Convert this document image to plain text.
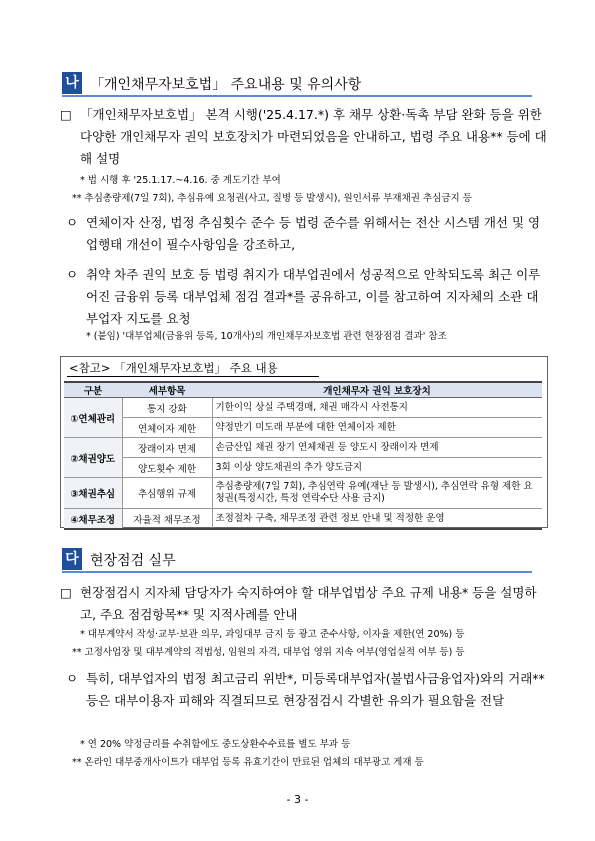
나 「개인채무자보호법」 주요내용 및 유의사항
□ 「개인채무자보호법」 본격 시행('25.4.17.*) 후 채무 상환·독촉 부담 완화 등을 위한 다양한 개인채무자 권익 보호장치가 마련되었음을 안내하고, 법령 주요 내용** 등에 대해 설명
* 법 시행 후 '25.1.17.~4.16. 중 계도기간 부여
** 추심총량제(7일 7회), 추심유예 요청권(사고, 질병 등 발생시), 원인서류 부재채권 추심금지 등
ㅇ 연체이자 산정, 법정 추심횟수 준수 등 법령 준수를 위해서는 전산 시스템 개선 및 영업행태 개선이 필수사항임을 강조하고,
ㅇ 취약 차주 권익 보호 등 법령 취지가 대부업권에서 성공적으로 안착되도록 최근 이루어진 금융위 등록 대부업체 점검 결과*를 공유하고, 이를 참고하여 지자체의 소관 대부업자 지도를 요청
* (붙임) '대부업체(금융위 등록, 10개사)의 개인채무자보호법 관련 현장점검 결과' 참조
<참고> 「개인채무자보호법」 주요 내용
구분	세부항목	개인채무자 권익 보호장치
①연체관리	통지 강화	기한이익 상실 주택경매, 채권 매각시 사전통지
	연체이자 제한	약정만기 미도래 부분에 대한 연체이자 제한
②채권양도	장래이자 면제	손금산입 채권 장기 연체채권 등 양도시 장래이자 면제
	양도횟수 제한	3회 이상 양도채권의 추가 양도금지
③채권추심	추심행위 규제	추심총량제(7일 7회), 추심연락 유예(재난 등 발생시), 추심연락 유형 제한 요청권(특정시간, 특정 연락수단 사용 금지)
④채무조정	자율적 채무조정	조정절차 구축, 채무조정 관련 정보 안내 및 적정한 운영
다 현장점검 실무
□ 현장점검시 지자체 담당자가 숙지하여야 할 대부업법상 주요 규제 내용* 등을 설명하고, 주요 점검항목** 및 지적사례를 안내
* 대부계약서 작성·교부·보관 의무, 과잉대부 금지 등 광고 준수사항, 이자율 제한(연 20%) 등
** 고정사업장 및 대부계약의 적법성, 임원의 자격, 대부업 영위 지속 여부(영업실적 여부 등) 등
ㅇ 특히, 대부업자의 법정 최고금리 위반*, 미등록대부업자(불법사금융업자)와의 거래** 등은 대부이용자 피해와 직결되므로 현장점검시 각별한 유의가 필요함을 전달
* 연 20% 약정금리를 수취함에도 중도상환수수료를 별도 부과 등
** 온라인 대부중개사이트가 대부업 등록 유효기간이 만료된 업체의 대부광고 게재 등
- 3 -
